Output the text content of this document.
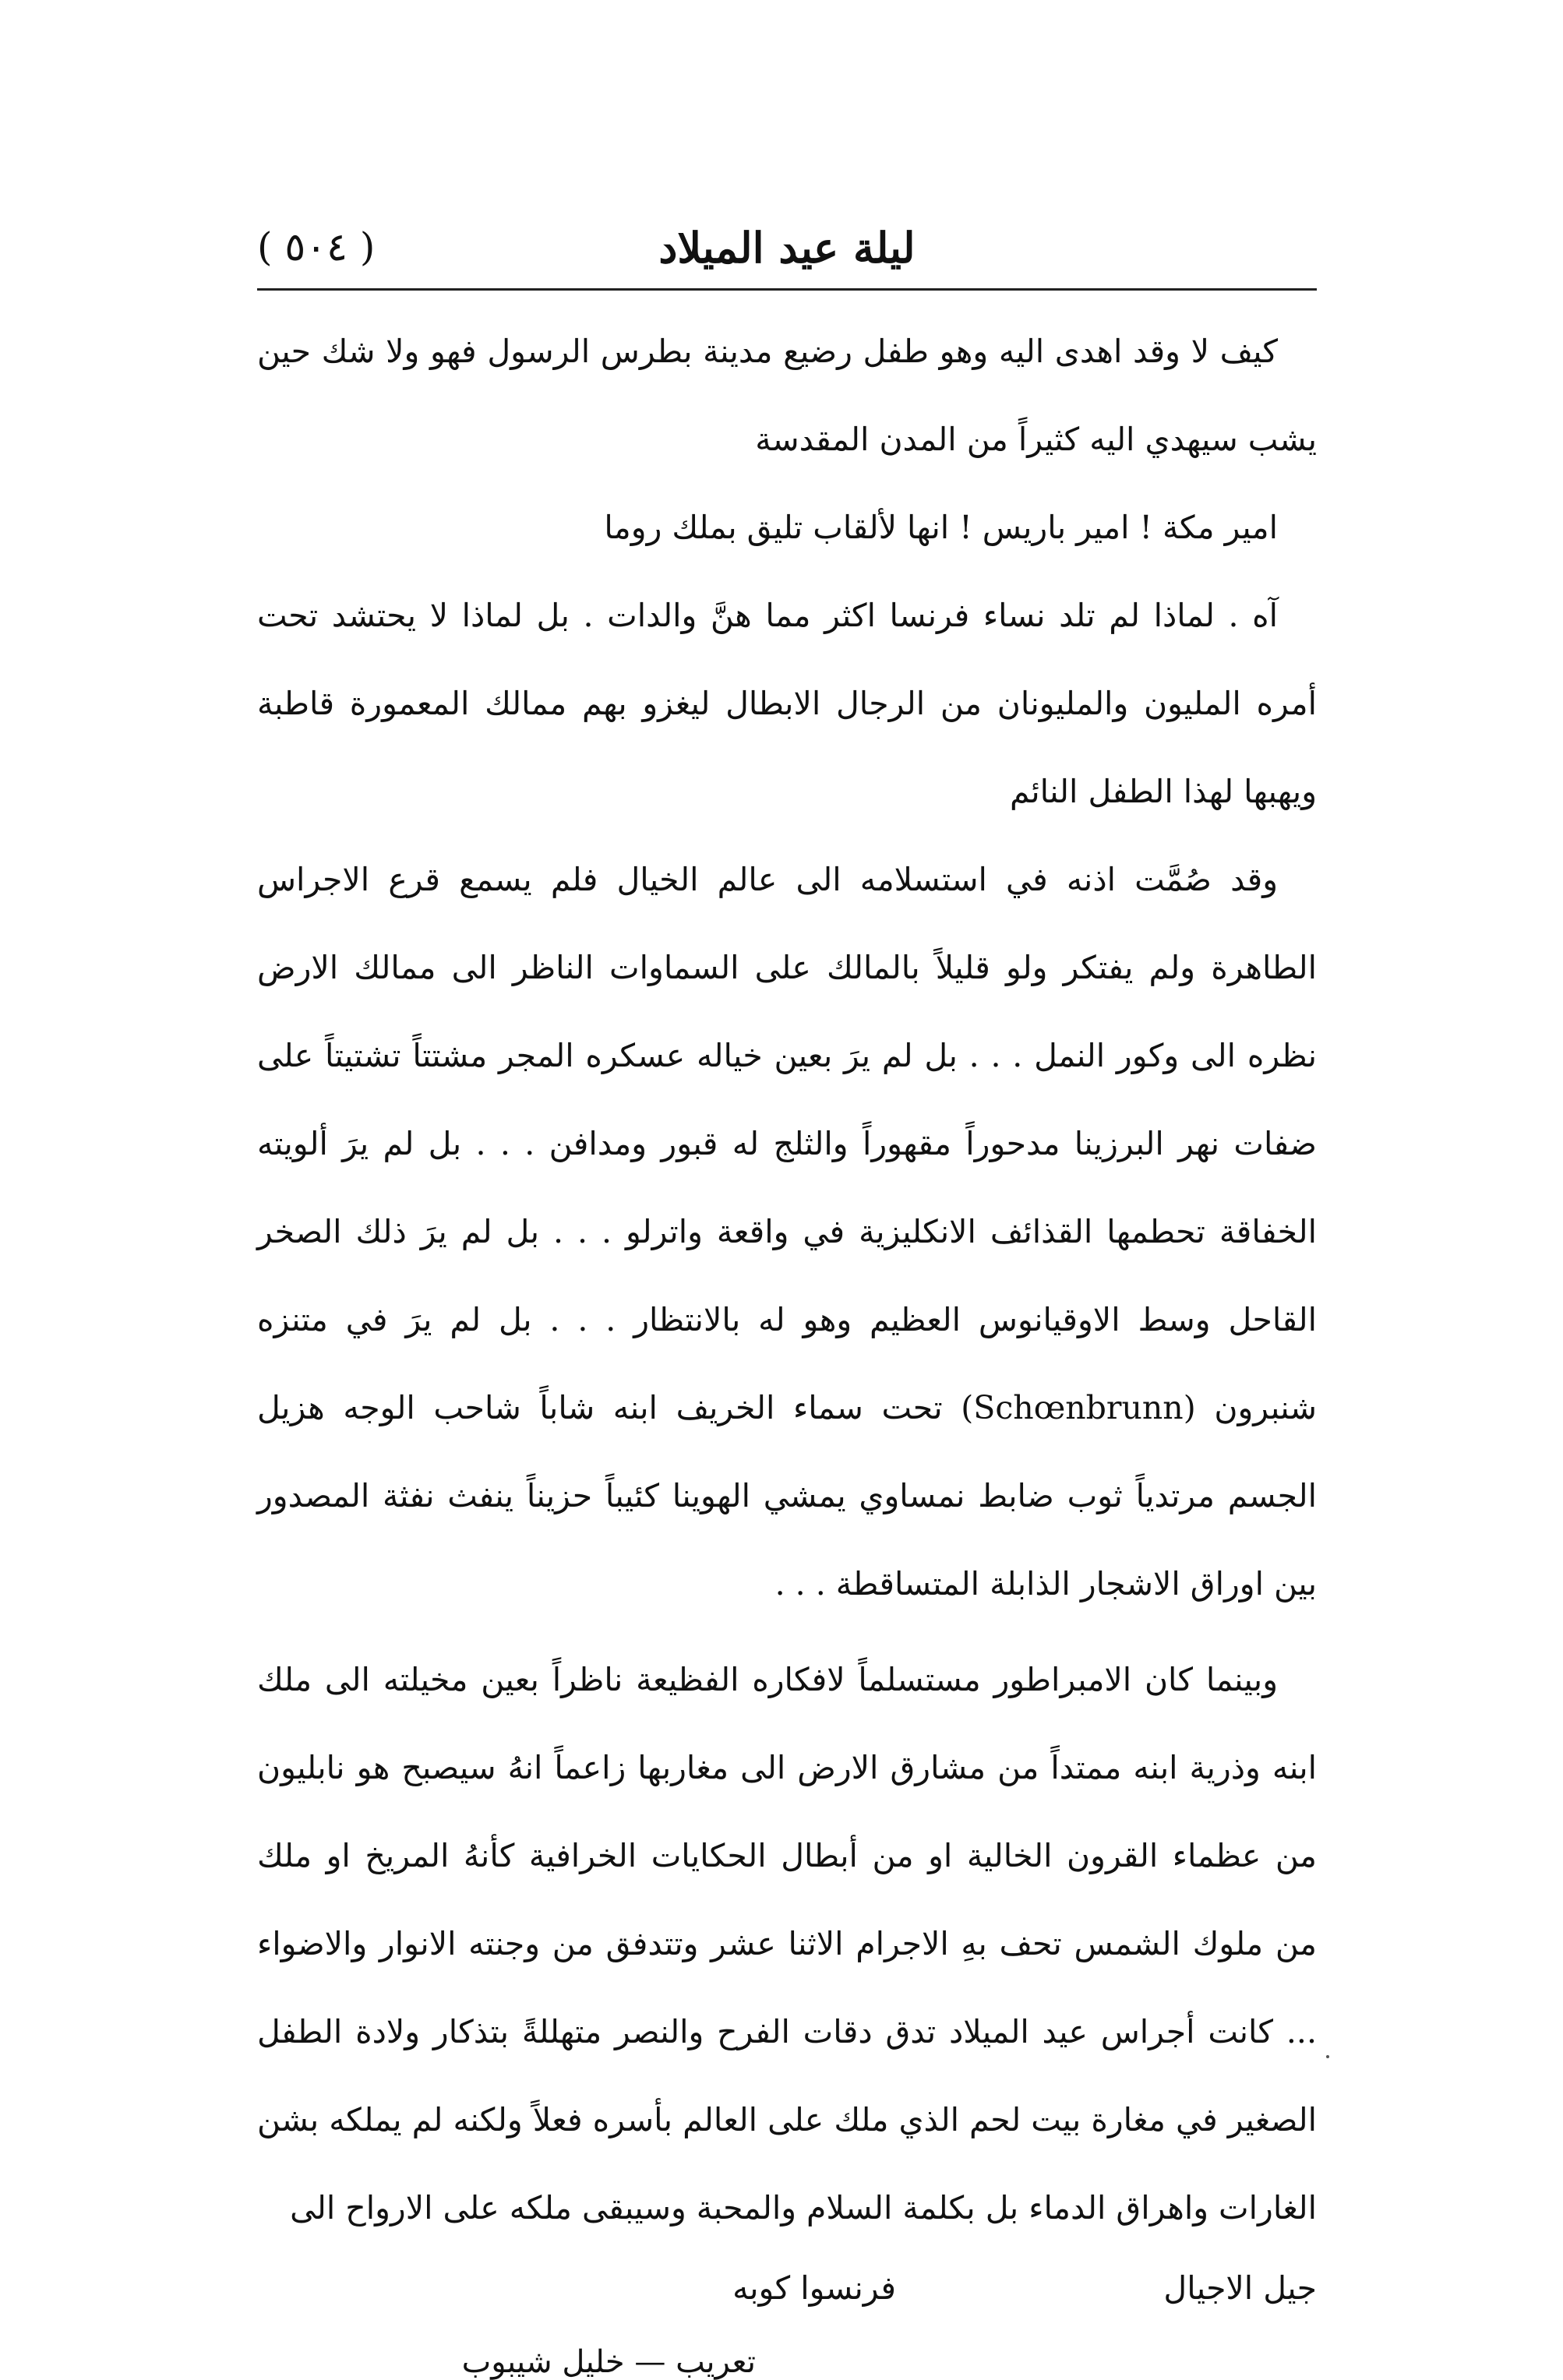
( ٥٠٤ )	ليلة عيد الميلاد

كيف لا وقد اهدى اليه وهو طفل رضيع مدينة بطرس الرسول فهو ولا شك حين يشب سيهدي اليه كثيراً من المدن المقدسة

امير مكة ! امير باريس ! انها لألقاب تليق بملك روما

آه . لماذا لم تلد نساء فرنسا اكثر مما هنَّ والدات . بل لماذا لا يحتشد تحت أمره المليون والمليونان من الرجال الابطال ليغزو بهم ممالك المعمورة قاطبة ويهبها لهذا الطفل النائم

وقد صُمَّت اذنه في استسلامه الى عالم الخيال فلم يسمع قرع الاجراس الطاهرة ولم يفتكر ولو قليلاً بالمالك على السماوات الناظر الى ممالك الارض نظره الى وكور النمل . . . بل لم يرَ بعين خياله عسكره المجر مشتتاً تشتيتاً على ضفات نهر البرزينا مدحوراً مقهوراً والثلج له قبور ومدافن . . . بل لم يرَ ألويته الخفاقة تحطمها القذائف الانكليزية في واقعة واترلو . . . بل لم يرَ ذلك الصخر القاحل وسط الاوقيانوس العظيم وهو له بالانتظار . . . بل لم يرَ في متنزه شنبرون (Schœnbrunn) تحت سماء الخريف ابنه شاباً شاحب الوجه هزيل الجسم مرتدياً ثوب ضابط نمساوي يمشي الهوينا كئيباً حزيناً ينفث نفثة المصدور بين اوراق الاشجار الذابلة المتساقطة . . .

وبينما كان الامبراطور مستسلماً لافكاره الفظيعة ناظراً بعين مخيلته الى ملك ابنه وذرية ابنه ممتداً من مشارق الارض الى مغاربها زاعماً انهُ سيصبح هو نابليون من عظماء القرون الخالية او من أبطال الحكايات الخرافية كأنهُ المريخ او ملك من ملوك الشمس تحف بهِ الاجرام الاثنا عشر وتتدفق من وجنته الانوار والاضواء ... كانت أجراس عيد الميلاد تدق دقات الفرح والنصر متهللةً بتذكار ولادة الطفل الصغير في مغارة بيت لحم الذي ملك على العالم بأسره فعلاً ولكنه لم يملكه بشن الغارات واهراق الدماء بل بكلمة السلام والمحبة وسيبقى ملكه على الارواح الى

جيل الاجيال
فرنسوا كوبه
تعريب — خليل شيبوب
